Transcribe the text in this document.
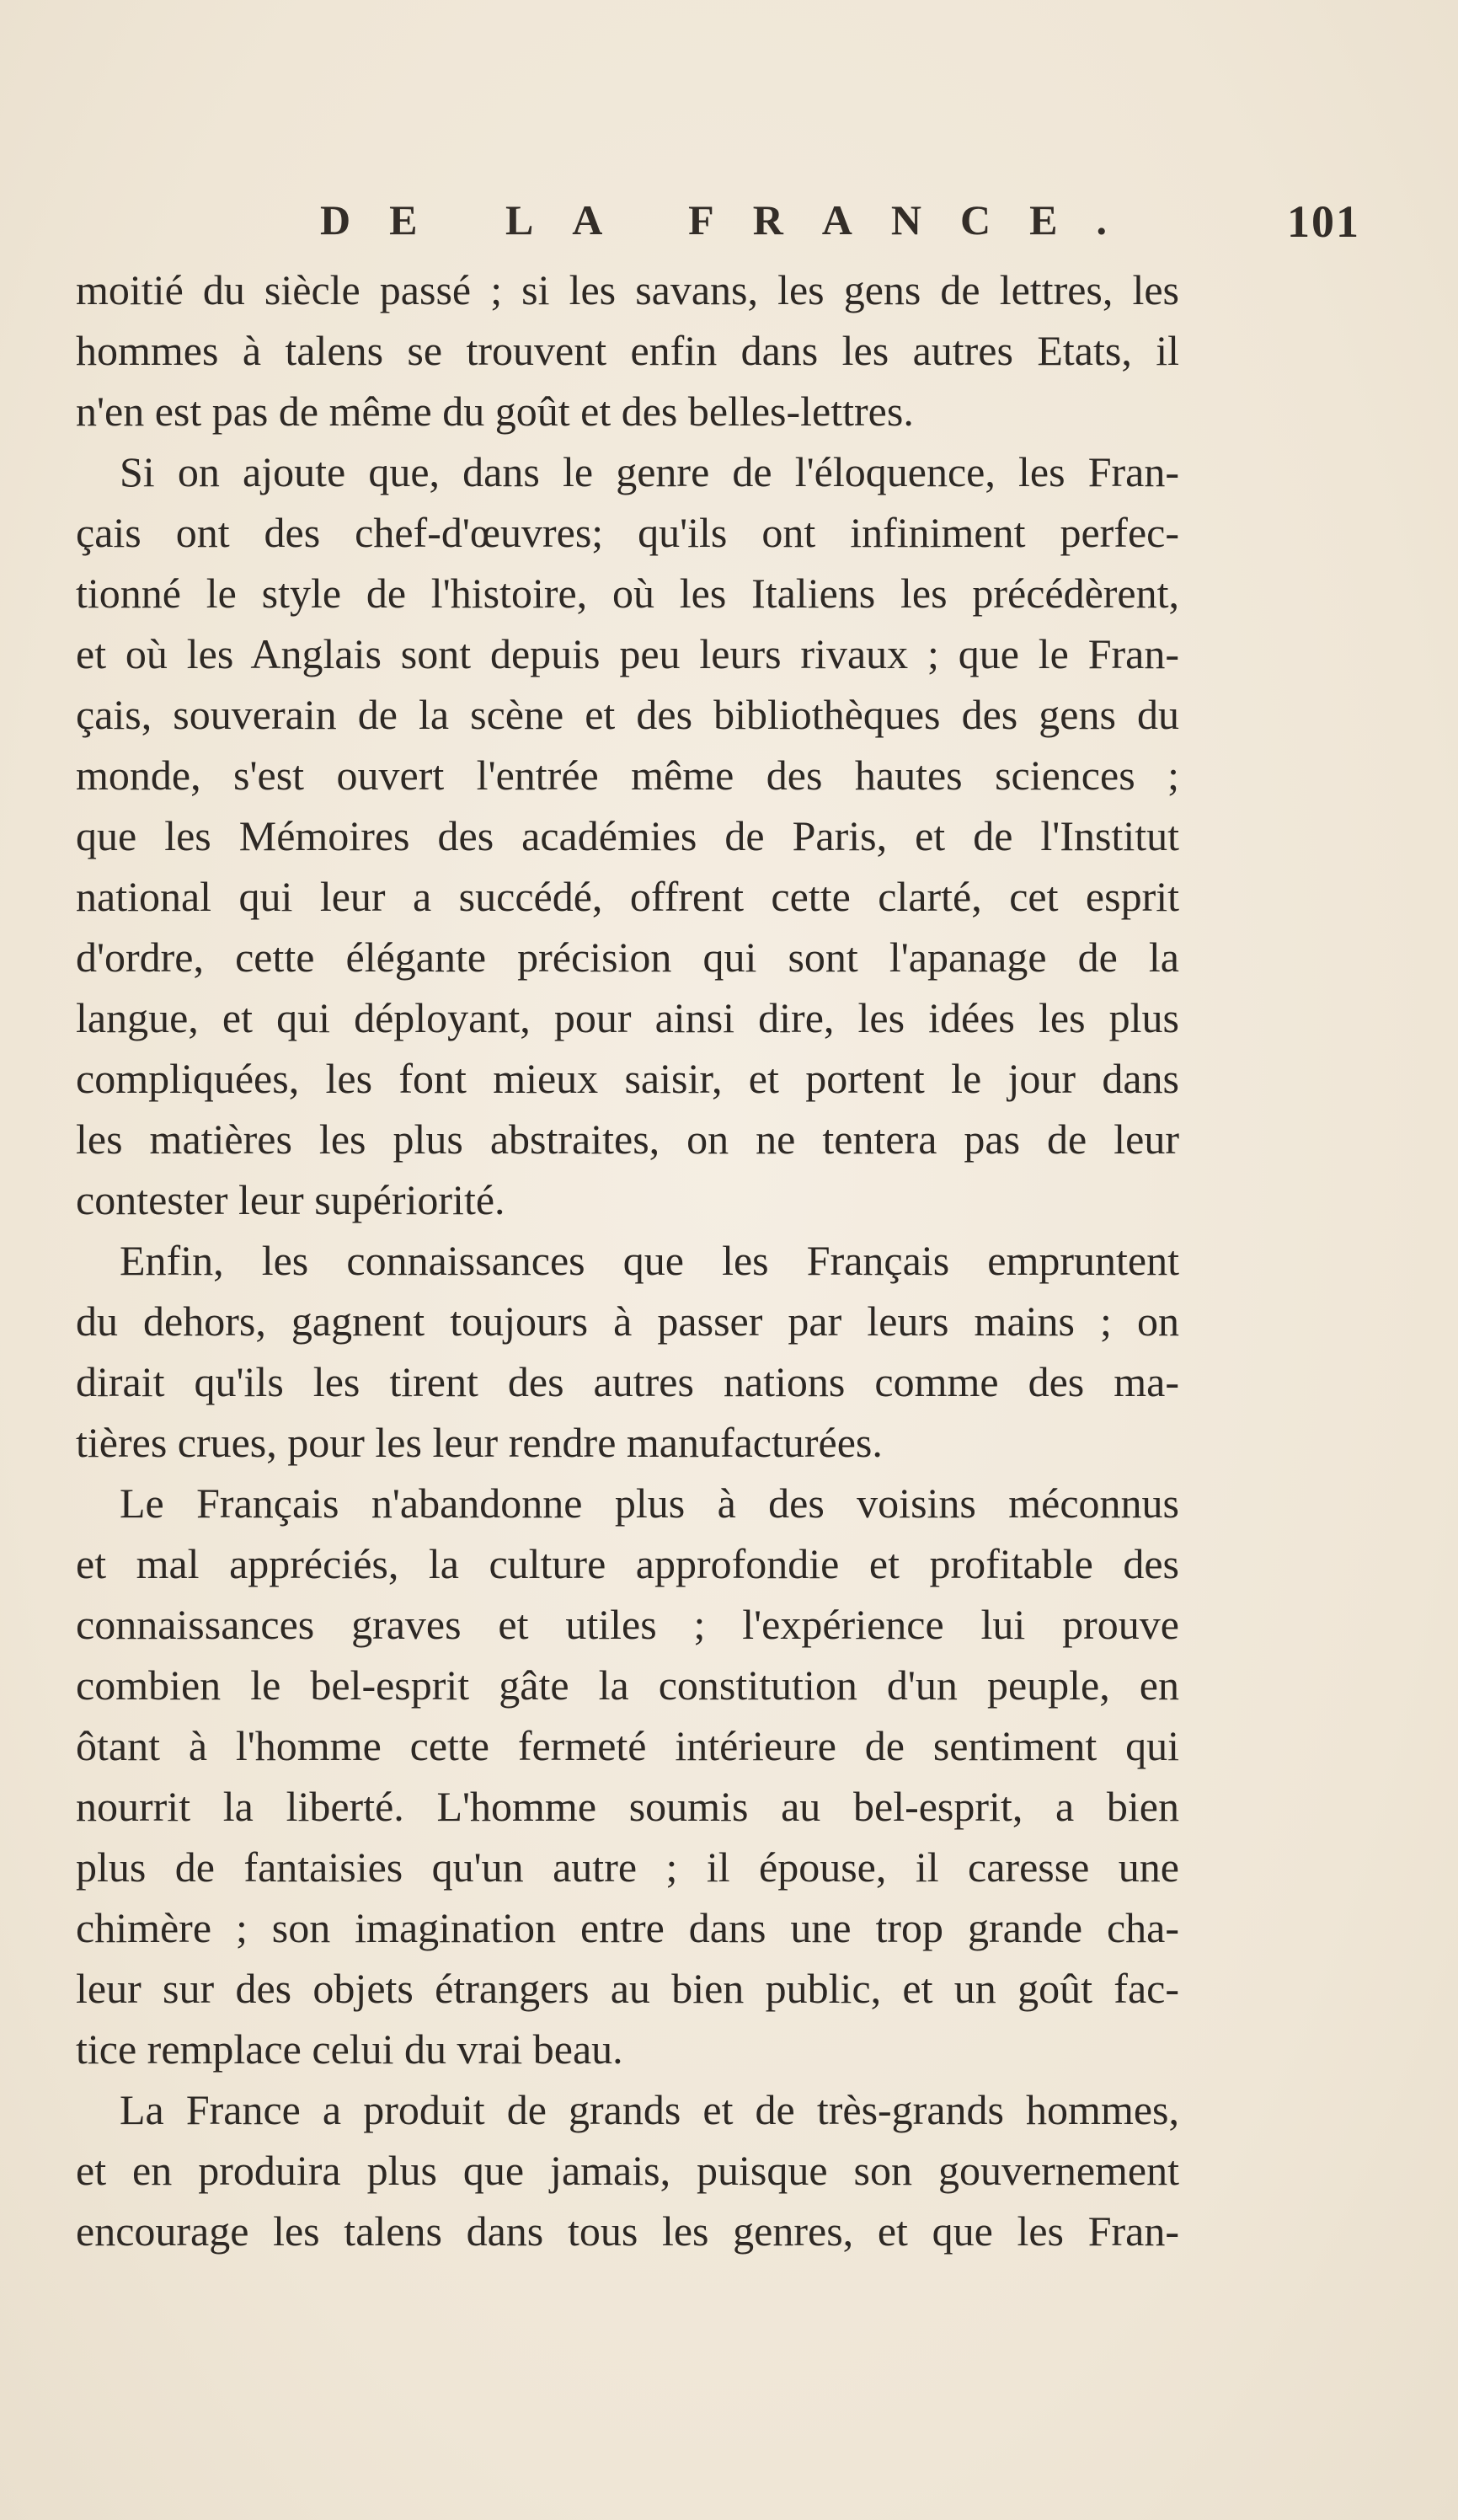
DE LA FRANCE.	101
moitié du siècle passé ; si les savans, les gens de lettres, les
hommes à talens se trouvent enfin dans les autres Etats, il
n'en est pas de même du goût et des belles-lettres.
Si on ajoute que, dans le genre de l'éloquence, les Fran-
çais ont des chef-d'œuvres; qu'ils ont infiniment perfec-
tionné le style de l'histoire, où les Italiens les précédèrent,
et où les Anglais sont depuis peu leurs rivaux ; que le Fran-
çais, souverain de la scène et des bibliothèques des gens du
monde, s'est ouvert l'entrée même des hautes sciences ;
que les Mémoires des académies de Paris, et de l'Institut
national qui leur a succédé, offrent cette clarté, cet esprit
d'ordre, cette élégante précision qui sont l'apanage de la
langue, et qui déployant, pour ainsi dire, les idées les plus
compliquées, les font mieux saisir, et portent le jour dans
les matières les plus abstraites, on ne tentera pas de leur
contester leur supériorité.
Enfin, les connaissances que les Français empruntent
du dehors, gagnent toujours à passer par leurs mains ; on
dirait qu'ils les tirent des autres nations comme des ma-
tières crues, pour les leur rendre manufacturées.
Le Français n'abandonne plus à des voisins méconnus
et mal appréciés, la culture approfondie et profitable des
connaissances graves et utiles ; l'expérience lui prouve
combien le bel-esprit gâte la constitution d'un peuple, en
ôtant à l'homme cette fermeté intérieure de sentiment qui
nourrit la liberté. L'homme soumis au bel-esprit, a bien
plus de fantaisies qu'un autre ; il épouse, il caresse une
chimère ; son imagination entre dans une trop grande cha-
leur sur des objets étrangers au bien public, et un goût fac-
tice remplace celui du vrai beau.
La France a produit de grands et de très-grands hommes,
et en produira plus que jamais, puisque son gouvernement
encourage les talens dans tous les genres, et que les Fran-
